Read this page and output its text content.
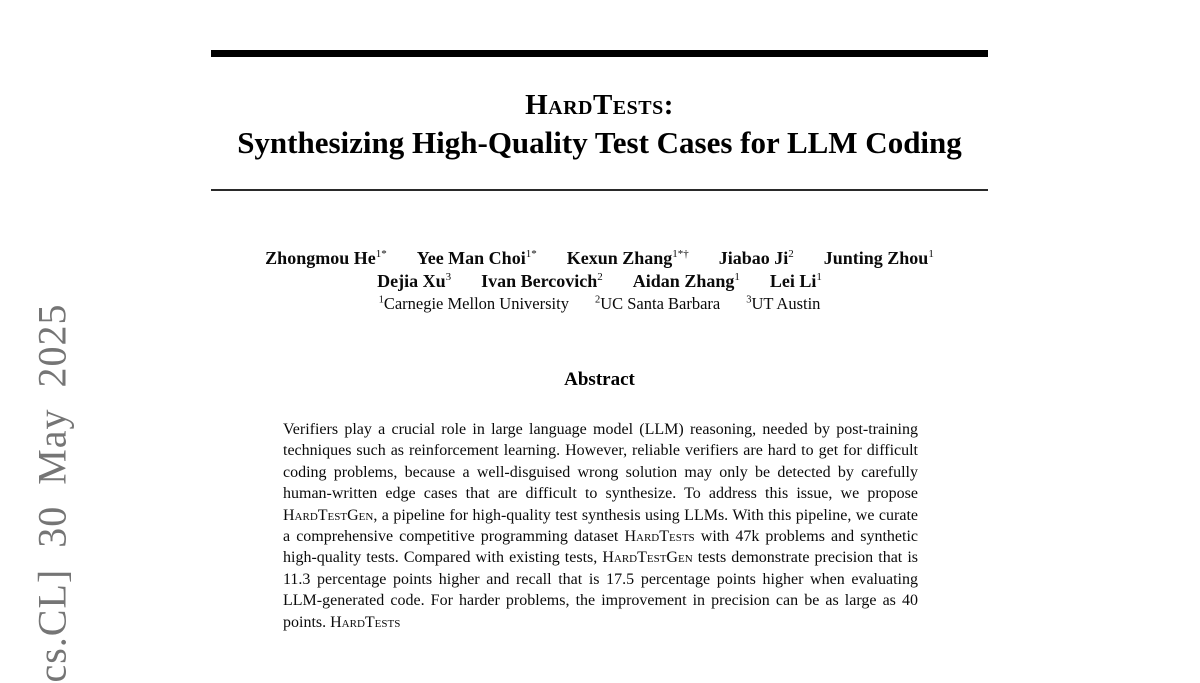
cs.CL] 30 May 2025
HardTests:
Synthesizing High-Quality Test Cases for LLM Coding
Zhongmou $He^{1*}$ Yee Man Choi$^{1*}$ Kexun Zhang$^{1*\dagger}$ Jiabao Ji$^2$ Junting Zhou$^1$
Dejia Xu$^3$ Ivan Bercovich$^2$ Aidan Zhang$^1$ Lei Li$^1$
$^1$Carnegie Mellon University $^2$UC Santa Barbara $^3$UT Austin
Abstract

Verifiers play a crucial role in large language model (LLM) reasoning, needed by post-training techniques such as reinforcement learning. However, reliable verifiers are hard to get for difficult coding problems, because a well-disguised wrong solution may only be detected by carefully human-written edge cases that are difficult to synthesize. To address this issue, we propose HardTestGen, a pipeline for high-quality test synthesis using LLMs. With this pipeline, we curate a comprehensive competitive programming dataset HardTests with 47k problems and synthetic high-quality tests. Compared with existing tests, HardTestGen tests demonstrate precision that is 11.3 percentage points higher and recall that is 17.5 percentage points higher when evaluating LLM-generated code. For harder problems, the improvement in precision can be as large as 40 points. HardTests
